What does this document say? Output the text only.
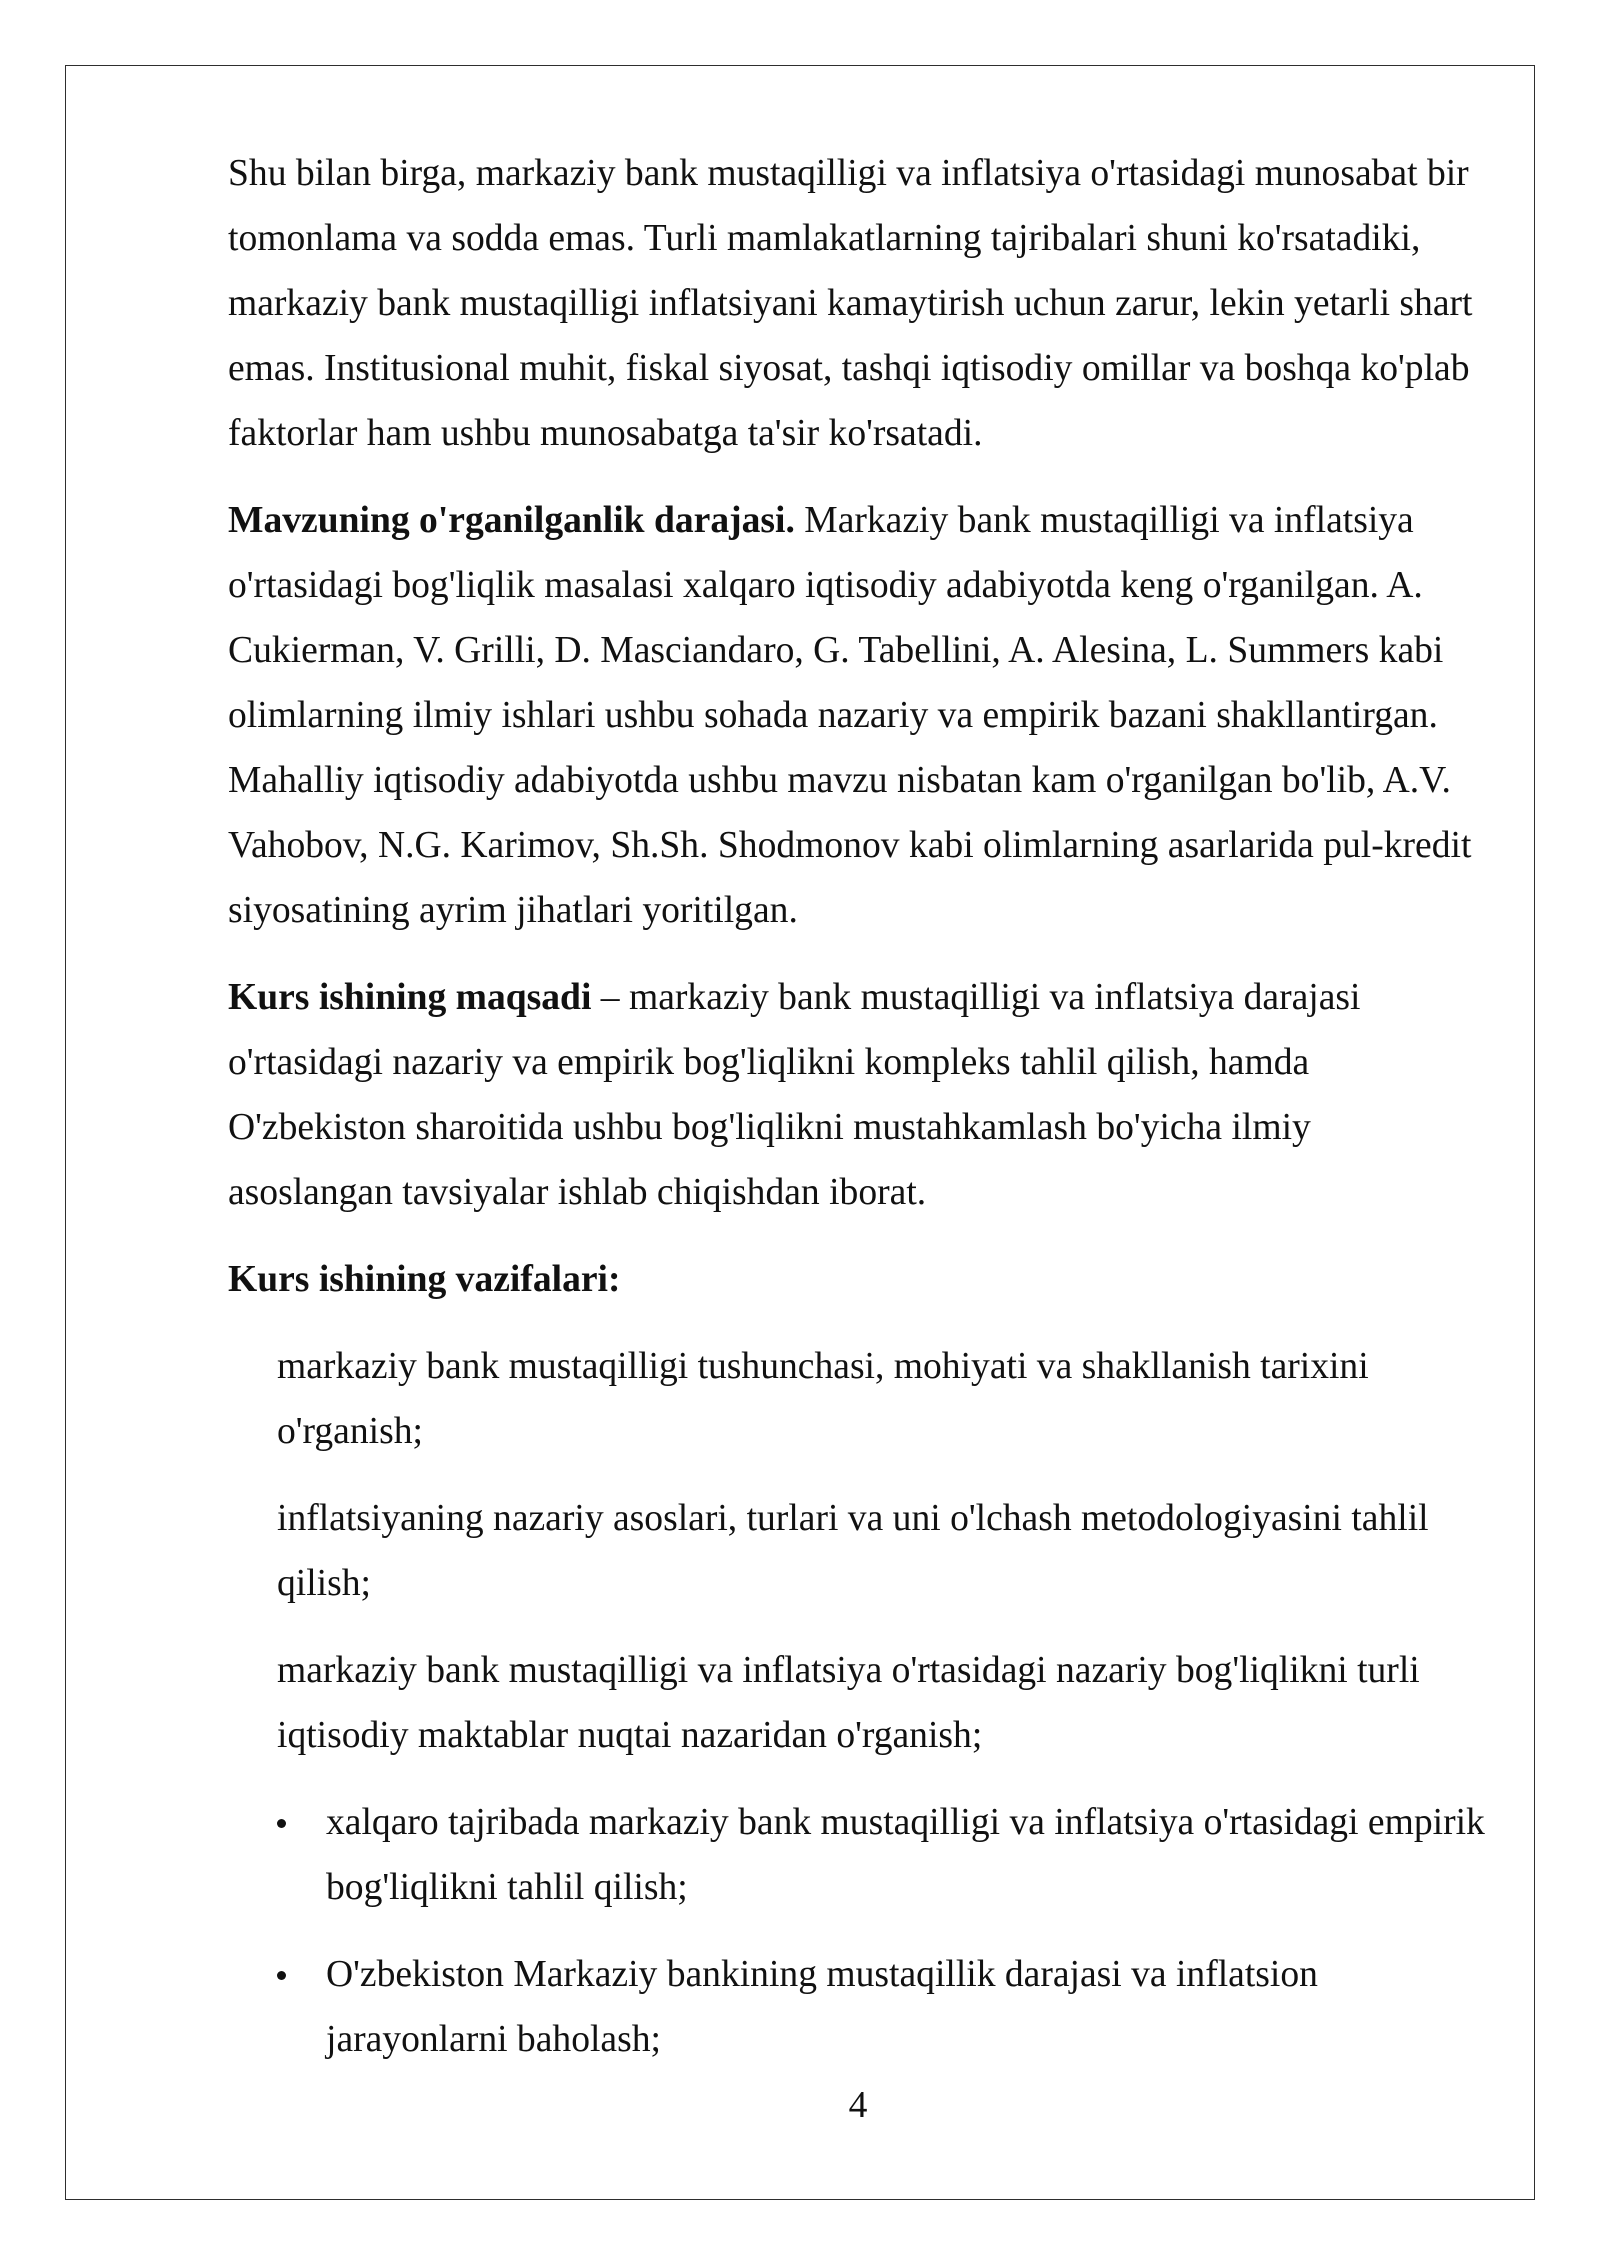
Shu bilan birga, markaziy bank mustaqilligi va inflatsiya o'rtasidagi munosabat bir
tomonlama va sodda emas. Turli mamlakatlarning tajribalari shuni ko'rsatadiki,
markaziy bank mustaqilligi inflatsiyani kamaytirish uchun zarur, lekin yetarli shart
emas. Institusional muhit, fiskal siyosat, tashqi iqtisodiy omillar va boshqa ko'plab
faktorlar ham ushbu munosabatga ta'sir ko'rsatadi.
Mavzuning o'rganilganlik darajasi. Markaziy bank mustaqilligi va inflatsiya
o'rtasidagi bog'liqlik masalasi xalqaro iqtisodiy adabiyotda keng o'rganilgan. A.
Cukierman, V. Grilli, D. Masciandaro, G. Tabellini, A. Alesina, L. Summers kabi
olimlarning ilmiy ishlari ushbu sohada nazariy va empirik bazani shakllantirgan.
Mahalliy iqtisodiy adabiyotda ushbu mavzu nisbatan kam o'rganilgan bo'lib, A.V.
Vahobov, N.G. Karimov, Sh.Sh. Shodmonov kabi olimlarning asarlarida pul-kredit
siyosatining ayrim jihatlari yoritilgan.
Kurs ishining maqsadi – markaziy bank mustaqilligi va inflatsiya darajasi
o'rtasidagi nazariy va empirik bog'liqlikni kompleks tahlil qilish, hamda
O'zbekiston sharoitida ushbu bog'liqlikni mustahkamlash bo'yicha ilmiy
asoslangan tavsiyalar ishlab chiqishdan iborat.
Kurs ishining vazifalari:
markaziy bank mustaqilligi tushunchasi, mohiyati va shakllanish tarixini
o'rganish;
inflatsiyaning nazariy asoslari, turlari va uni o'lchash metodologiyasini tahlil
qilish;
markaziy bank mustaqilligi va inflatsiya o'rtasidagi nazariy bog'liqlikni turli
iqtisodiy maktablar nuqtai nazaridan o'rganish;
xalqaro tajribada markaziy bank mustaqilligi va inflatsiya o'rtasidagi empirik
bog'liqlikni tahlil qilish;
O'zbekiston Markaziy bankining mustaqillik darajasi va inflatsion
jarayonlarni baholash;
4
